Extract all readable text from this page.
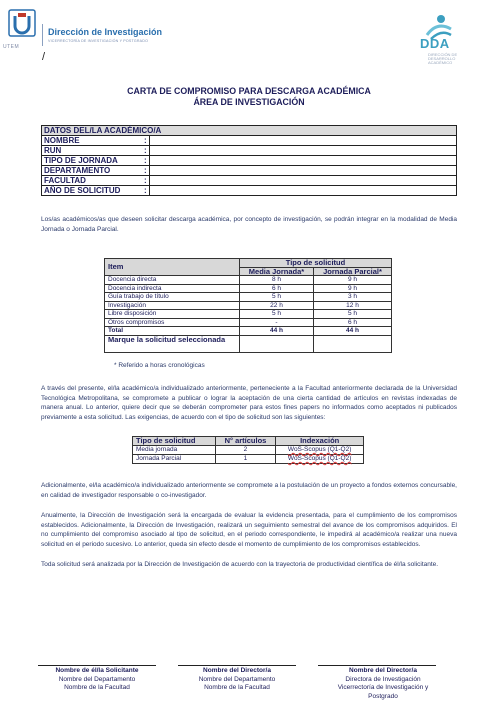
UTEM
Dirección de Investigación
VICERRECTORÍA DE INVESTIGACIÓN Y POSTGRADO	DDA
DIRECCIÓN DE
DESARROLLO
ACADÉMICO
/
CARTA DE COMPROMISO PARA DESCARGA ACADÉMICA
ÁREA DE INVESTIGACIÓN
DATOS DEL/LA ACADÉMICO/A		
NOMBRE	:	
RUN	:	
TIPO DE JORNADA	:	
DEPARTAMENTO	:	
FACULTAD	:	
AÑO DE SOLICITUD	:	
Los/as académicos/as que deseen solicitar descarga académica, por concepto de investigación, se podrán integrar en la modalidad de Media Jornada o Jornada Parcial.
Item	Tipo de solicitud	
	Media Jornada*	Jornada Parcial*
Docencia directa	8 h	9 h
Docencia indirecta	6 h	9 h
Guía trabajo de título	5 h	3 h
Investigación	22 h	12 h
Libre disposición	5 h	5 h
Otros compromisos	-	6 h
Total	44 h	44 h
Marque la solicitud seleccionada		
* Referido a horas cronológicas
A través del presente, el/la académico/a individualizado anteriormente, perteneciente a la Facultad anteriormente declarada de la Universidad Tecnológica Metropolitana, se compromete a publicar o lograr la aceptación de una cierta cantidad de artículos en revistas indexadas de manera anual. Lo anterior, quiere decir que se deberán comprometer para estos fines papers no informados como aceptados ni publicados previamente a esta solicitud. Las exigencias, de acuerdo con el tipo de solicitud son las siguientes:
Tipo de solicitud	N° artículos	Indexación
Media jornada	2	WoS-Scopus (Q1-Q2)
Jornada Parcial	1	WoS-Scopus (Q1-Q2)
Adicionalmente, el/la académico/a individualizado anteriormente se compromete a la postulación de un proyecto a fondos externos concursable, en calidad de investigador responsable o co-investigador.
Anualmente, la Dirección de Investigación será la encargada de evaluar la evidencia presentada, para el cumplimiento de los compromisos establecidos. Adicionalmente, la Dirección de Investigación, realizará un seguimiento semestral del avance de los compromisos adquiridos. El no cumplimiento del compromiso asociado al tipo de solicitud, en el periodo correspondiente, le impedirá al académico/a realizar una nueva solicitud en el periodo sucesivo. Lo anterior, queda sin efecto desde el momento de cumplimiento de los compromisos establecidos.
Toda solicitud será analizada por la Dirección de Investigación de acuerdo con la trayectoria de productividad científica de él/la solicitante.
Nombre de él/la Solicitante
Nombre del Departamento
Nombre de la Facultad
Nombre del Director/a
Nombre del Departamento
Nombre de la Facultad
Nombre del Director/a
Directora de Investigación
Vicerrectoría de Investigación y
Postgrado
